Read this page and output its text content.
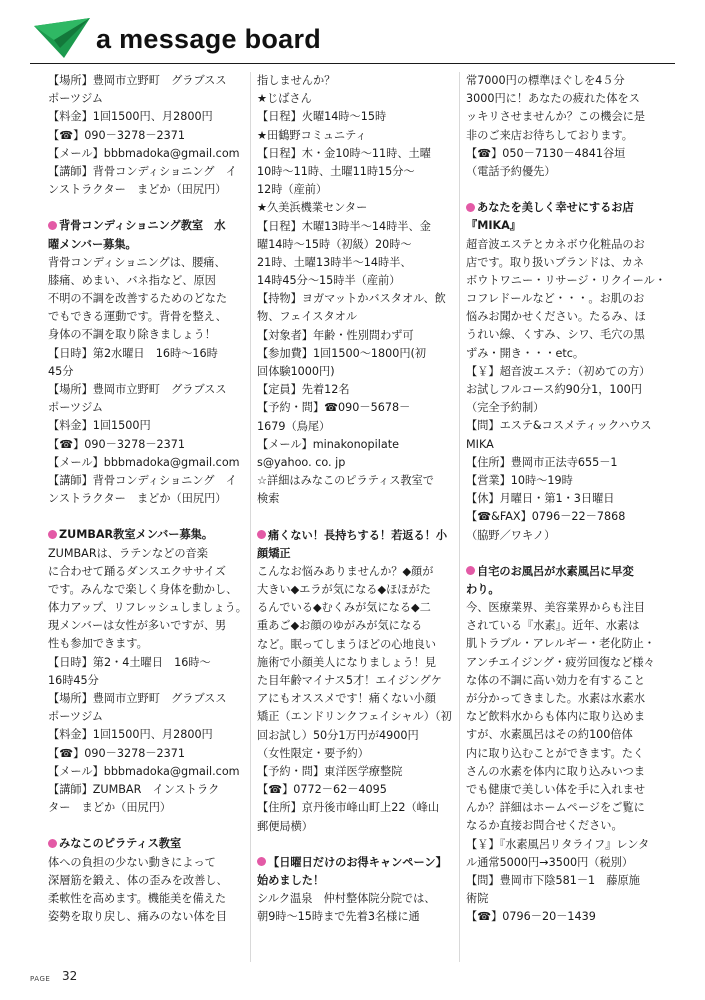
a message board
【場所】豊岡市立野町　グラブスス
ポーツジム
【料金】1回1500円、月2800円
【☎】090－3278－2371
【メール】bbbmadoka@gmail.com
【講師】背骨コンディショニング　イ
ンストラクター　まどか（田尻円）
背骨コンディショニング教室　水
曜メンバー募集。
背骨コンディショニングは、腰痛、
膝痛、めまい、バネ指など、原因
不明の不調を改善するためのどなた
でもできる運動です。背骨を整え、
身体の不調を取り除きましょう！
【日時】第2水曜日　16時～16時
45分
【場所】豊岡市立野町　グラブスス
ポーツジム
【料金】1回1500円
【☎】090－3278－2371
【メール】bbbmadoka@gmail.com
【講師】背骨コンディショニング　イ
ンストラクター　まどか（田尻円）
ZUMBAR教室メンバー募集。
ZUMBARは、ラテンなどの音楽
に合わせて踊るダンスエクササイズ
です。みんなで楽しく身体を動かし、
体力アップ、リフレッシュしましょう。
現メンバーは女性が多いですが、男
性も参加できます。
【日時】第2・4土曜日　16時～
16時45分
【場所】豊岡市立野町　グラブスス
ポーツジム
【料金】1回1500円、月2800円
【☎】090－3278－2371
【メール】bbbmadoka@gmail.com
【講師】ZUMBAR　インストラク
ター　まどか（田尻円）
みなこのピラティス教室
体への負担の少ない動きによって
深層筋を鍛え、体の歪みを改善し、
柔軟性を高めます。機能美を備えた
姿勢を取り戻し、痛みのない体を目
指しませんか？
★じばさん
【日程】火曜14時～15時
★田鶴野コミュニティ
【日程】木・金10時～11時、土曜
10時～11時、土曜11時15分～
12時（産前）
★久美浜機業センター
【日程】木曜13時半～14時半、金
曜14時～15時（初級）20時～
21時、土曜13時半～14時半、
14時45分～15時半（産前）
【持物】ヨガマットかバスタオル、飲
物、フェイスタオル
【対象者】年齢・性別問わず可
【参加費】1回1500～1800円(初
回体験1000円)
【定員】先着12名
【予約・問】☎090－5678－
1679（鳥尾）
【メール】minakonopilate
s@yahoo. co. jp
☆詳細はみなこのピラティス教室で
検索
痛くない！長持ちする！若返る！小
顔矯正
こんなお悩みありませんか？◆顔が
大きい◆エラが気になる◆ほほがた
るんでいる◆むくみが気になる◆二
重あご◆お顔のゆがみが気になる
など。眠ってしまうほどの心地良い
施術で小顔美人になりましょう！見
た目年齢マイナス5才！エイジングケ
アにもオススメです！痛くない小顔
矯正（エンドリンクフェイシャル）（初
回お試し）50分1万円が4900円
（女性限定・要予約）
【予約・問】東洋医学療整院
【☎】0772－62－4095
【住所】京丹後市峰山町上22（峰山
郵便局横）
【日曜日だけのお得キャンペーン】
始めました！
シルク温泉　仲村整体院分院では、
朝9時～15時まで先着3名様に通
常7000円の標準ほぐしを4５分
3000円に！あなたの疲れた体をス
ッキリさせませんか？この機会に是
非のご来店お待ちしております。
【☎】050－7130－4841谷垣
（電話予約優先）
あなたを美しく幸せにするお店
『MIKA』
超音波エステとカネボウ化粧品のお
店です。取り扱いブランドは、カネ
ボウトワニー・リサージ・リクイール・
コフレドールなど・・・。お肌のお
悩みお聞かせください。たるみ、ほ
うれい線、くすみ、シワ、毛穴の黒
ずみ・開き・・・etc。
【￥】超音波エステ：（初めての方）
お試しフルコース約90分1，100円
（完全予約制）
【問】エステ&コスメティックハウス
MIKA
【住所】豊岡市正法寺655－1
【営業】10時～19時
【休】月曜日・第1・3日曜日
【☎&FAX】0796－22－7868
（脇野／ワキノ）
自宅のお風呂が水素風呂に早変
わり。
今、医療業界、美容業界からも注目
されている『水素』。近年、水素は
肌トラブル・アレルギー・老化防止・
アンチエイジング・疲労回復など様々
な体の不調に高い効力を有すること
が分かってきました。水素は水素水
など飲料水からも体内に取り込めま
すが、水素風呂はその約100倍体
内に取り込むことができます。たく
さんの水素を体内に取り込みいつま
でも健康で美しい体を手に入れませ
んか？詳細はホームページをご覧に
なるか直接お問合せください。
【￥】『水素風呂リタライフ』レンタ
ル通常5000円→3500円（税別）
【問】豊岡市下陰581－1　藤原施
術院
【☎】0796－20－1439
PAGE 32
